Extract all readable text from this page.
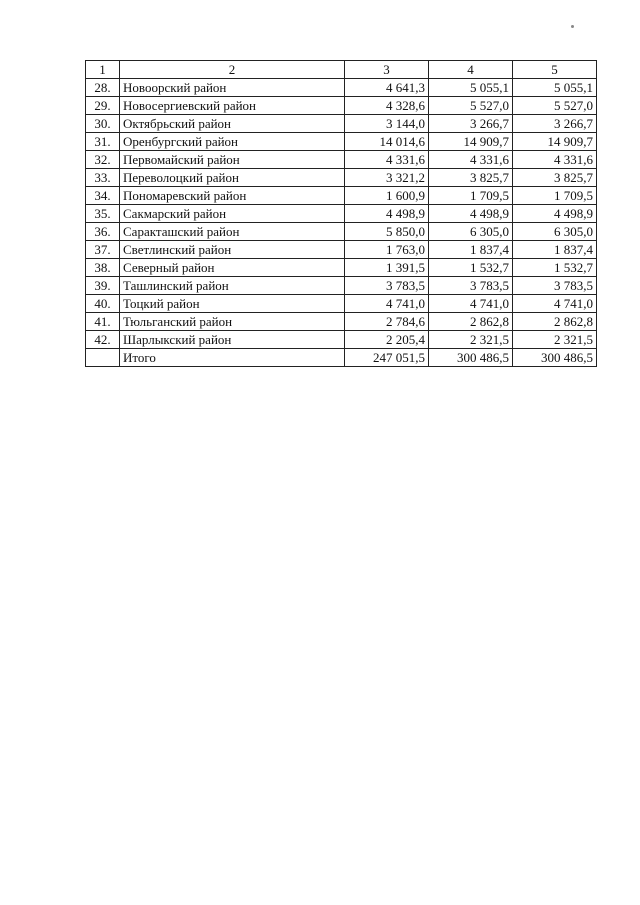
1	2	3	4	5
28.	Новоорский район	4 641,3	5 055,1	5 055,1
29.	Новосергиевский район	4 328,6	5 527,0	5 527,0
30.	Октябрьский район	3 144,0	3 266,7	3 266,7
31.	Оренбургский район	14 014,6	14 909,7	14 909,7
32.	Первомайский район	4 331,6	4 331,6	4 331,6
33.	Переволоцкий район	3 321,2	3 825,7	3 825,7
34.	Пономаревский район	1 600,9	1 709,5	1 709,5
35.	Сакмарский район	4 498,9	4 498,9	4 498,9
36.	Саракташский район	5 850,0	6 305,0	6 305,0
37.	Светлинский район	1 763,0	1 837,4	1 837,4
38.	Северный район	1 391,5	1 532,7	1 532,7
39.	Ташлинский район	3 783,5	3 783,5	3 783,5
40.	Тоцкий район	4 741,0	4 741,0	4 741,0
41.	Тюльганский район	2 784,6	2 862,8	2 862,8
42.	Шарлыкский район	2 205,4	2 321,5	2 321,5
	Итого	247 051,5	300 486,5	300 486,5
